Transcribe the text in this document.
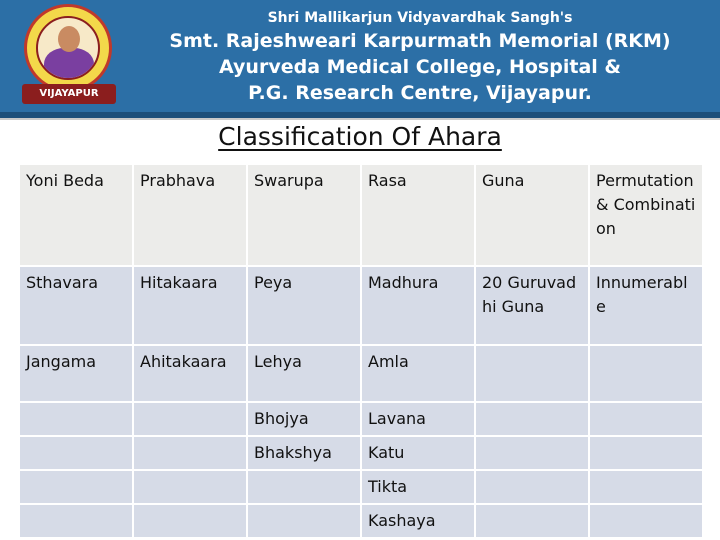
VIJAYAPUR
Shri Mallikarjun Vidyavardhak Sangh's
Smt. Rajeshweari Karpurmath Memorial (RKM)
Ayurveda Medical College, Hospital &
P.G. Research Centre, Vijayapur.
Classification Of Ahara
Yoni Beda	Prabhava	Swarupa	Rasa	Guna	Permutation & Combination
Sthavara	Hitakaara	Peya	Madhura	20 Guruvadhi Guna	Innumerable
Jangama	Ahitakaara	Lehya	Amla		
		Bhojya	Lavana		
		Bhakshya	Katu		
			Tikta		
			Kashaya		
